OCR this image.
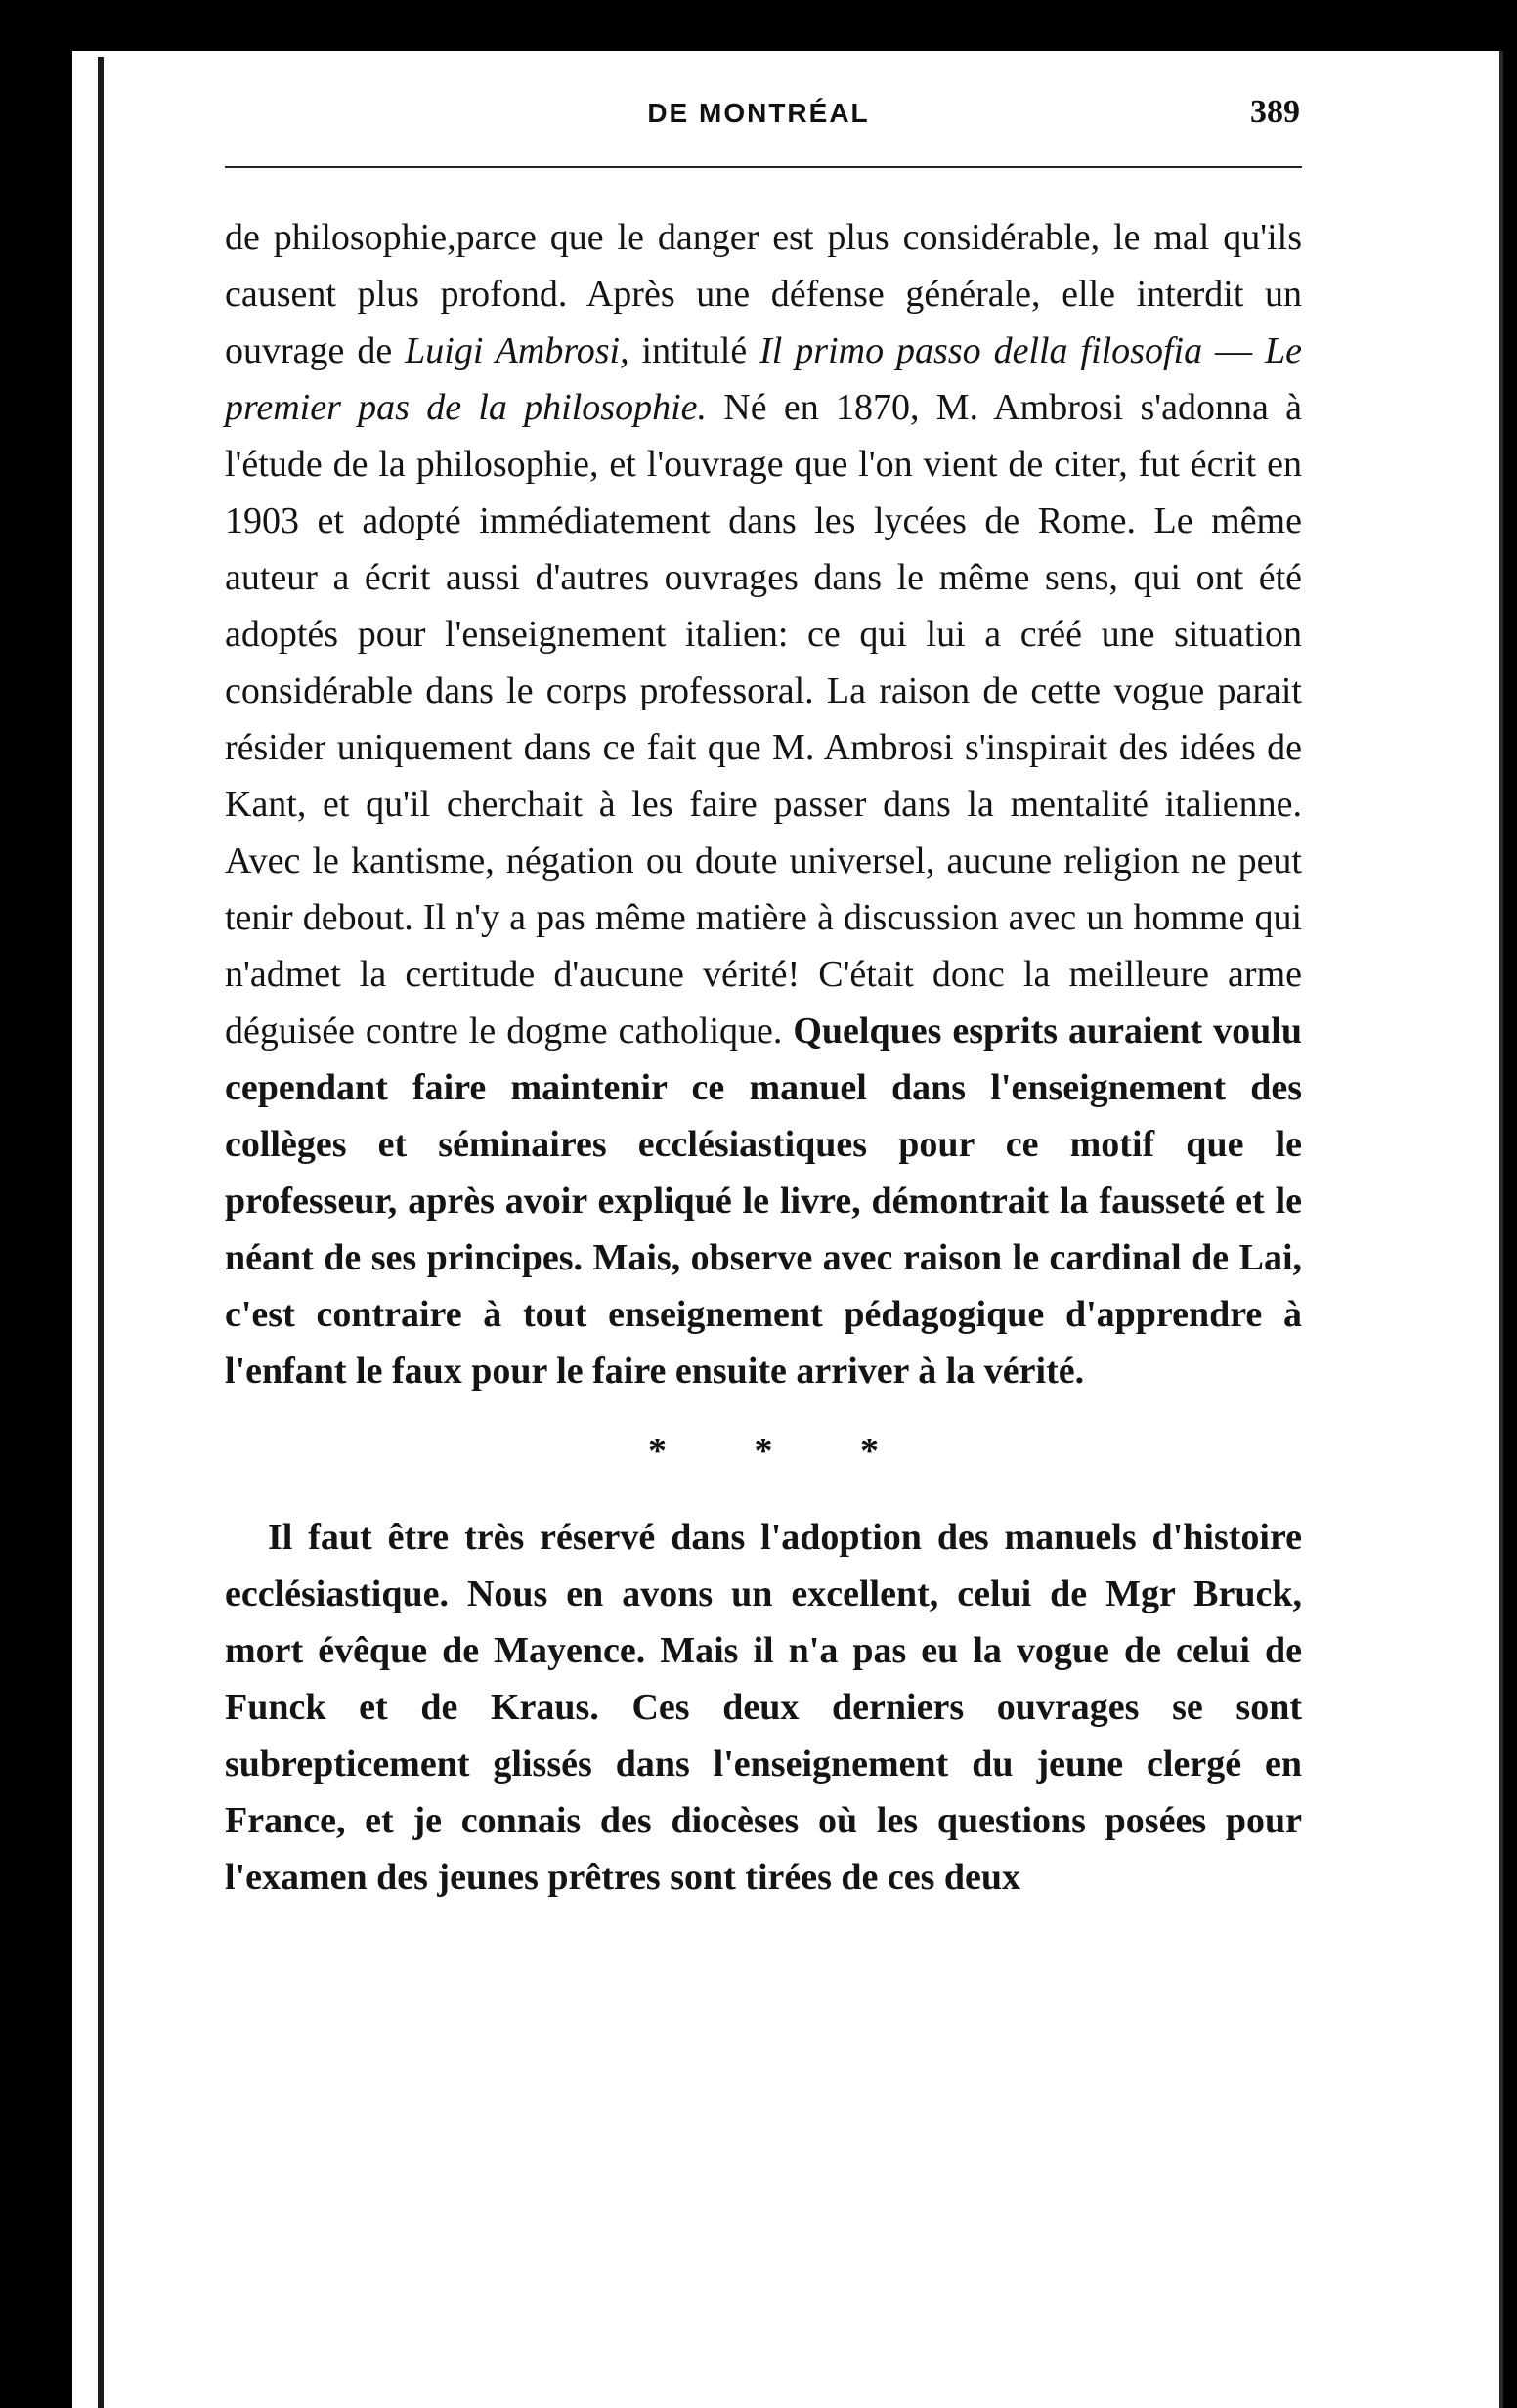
DE MONTRÉAL	389

de philosophie,parce que le danger est plus considérable, le mal qu'ils causent plus profond. Après une défense générale, elle interdit un ouvrage de Luigi Ambrosi, intitulé Il primo passo della filosofia — Le premier pas de la philosophie. Né en 1870, M. Ambrosi s'adonna à l'étude de la philosophie, et l'ouvrage que l'on vient de citer, fut écrit en 1903 et adopté immédiatement dans les lycées de Rome. Le même auteur a écrit aussi d'autres ouvrages dans le même sens, qui ont été adoptés pour l'enseignement italien: ce qui lui a créé une situation considérable dans le corps professoral. La raison de cette vogue parait résider uniquement dans ce fait que M. Ambrosi s'inspirait des idées de Kant, et qu'il cherchait à les faire passer dans la mentalité italienne. Avec le kantisme, négation ou doute universel, aucune religion ne peut tenir debout. Il n'y a pas même matière à discussion avec un homme qui n'admet la certitude d'aucune vérité! C'était donc la meilleure arme déguisée contre le dogme catholique. Quelques esprits auraient voulu cependant faire maintenir ce manuel dans l'enseignement des collèges et séminaires ecclésiastiques pour ce motif que le professeur, après avoir expliqué le livre, démontrait la fausseté et le néant de ses principes. Mais, observe avec raison le cardinal de Lai, c'est contraire à tout enseignement pédagogique d'apprendre à l'enfant le faux pour le faire ensuite arriver à la vérité.

* * *

Il faut être très réservé dans l'adoption des manuels d'histoire ecclésiastique. Nous en avons un excellent, celui de Mgr Bruck, mort évêque de Mayence. Mais il n'a pas eu la vogue de celui de Funck et de Kraus. Ces deux derniers ouvrages se sont subrepticement glissés dans l'enseignement du jeune clergé en France, et je connais des diocèses où les questions posées pour l'examen des jeunes prêtres sont tirées de ces deux
